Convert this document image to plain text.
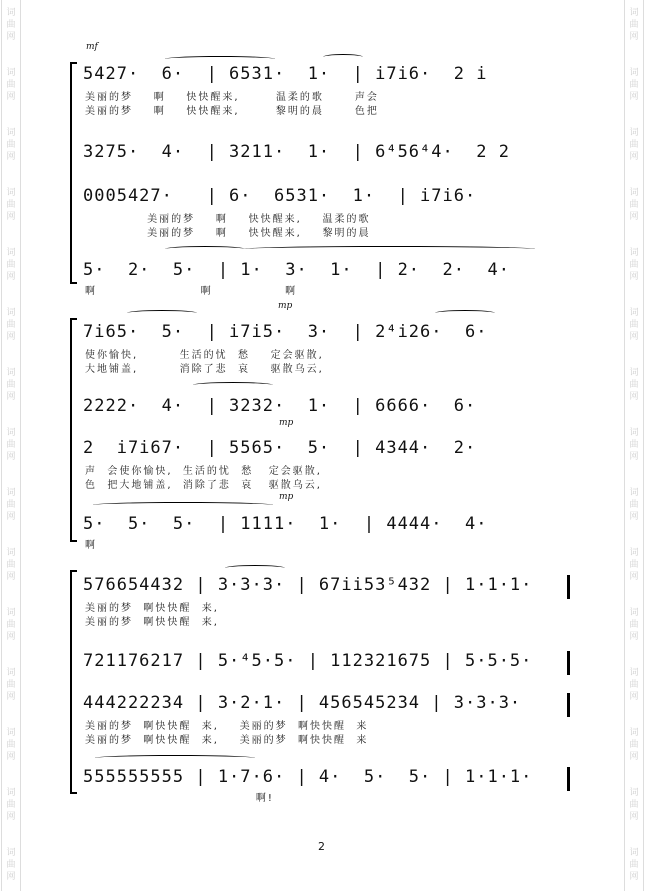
词
曲
网
词
曲
网
词
曲
网
词
曲
网
词
曲
网
词
曲
网
词
曲
网
词
曲
网
词
曲
网
词
曲
网
词
曲
网
词
曲
网
词
曲
网
词
曲
网
词
曲
网
词
曲
网
词
曲
网
词
曲
网
词
曲
网
词
曲
网
词
曲
网
词
曲
网
词
曲
网
词
曲
网
词
曲
网
词
曲
网
词
曲
网
词
曲
网
词
曲
网
词
曲
网
mf
5427·  6·  | 6531·  1·  | i7i6·  2 i
美丽的梦    啊    快快醒来,       温柔的歌      声会
美丽的梦    啊    快快醒来,       黎明的晨      色把
3275·  4·  | 3211·  1·  | 6⁴56⁴4·  2 2
0005427·   | 6·  6531·  1·  | i7i6·
美丽的梦    啊    快快醒来,    温柔的歌
美丽的梦    啊    快快醒来,    黎明的晨
5·  2·  5·  | 1·  3·  1·  | 2·  2·  4·
啊                    啊              啊
mp
7i65·  5·  | i7i5·  3·  | 2⁴i26·  6·
使你愉快,        生活的忧  愁    定会驱散,
大地铺盖,        消除了悲  哀    驱散乌云,
2222·  4·  | 3232·  1·  | 6666·  6·
mp
2  i7i67·  | 5565·  5·  | 4344·  2·
声  会使你愉快,  生活的忧  愁   定会驱散,
色  把大地铺盖,  消除了悲  哀   驱散乌云,
mp
5·  5·  5·  | 1111·  1·  | 4444·  4·
啊
576654432 | 3·3·3· | 67ii53⁵432 | 1·1·1·
美丽的梦  啊快快醒  来,
美丽的梦  啊快快醒  来,
721176217 | 5·⁴5·5· | 112321675 | 5·5·5·
444222234 | 3·2·1· | 456545234 | 3·3·3·
美丽的梦  啊快快醒  来,    美丽的梦  啊快快醒  来
美丽的梦  啊快快醒  来,    美丽的梦  啊快快醒  来
555555555 | 1·7·6· | 4·  5·  5· | 1·1·1·
啊!
2
